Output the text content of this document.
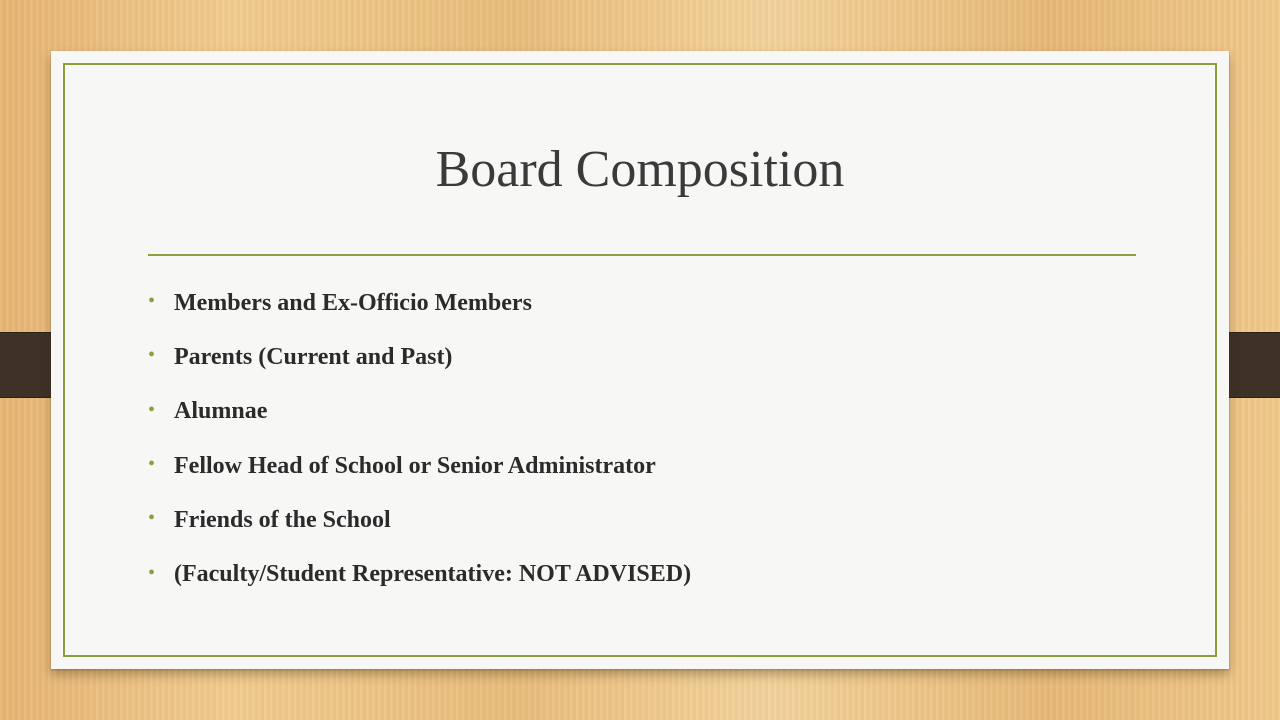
Board Composition
• Members and Ex-Officio Members
• Parents (Current and Past)
• Alumnae
• Fellow Head of School or Senior Administrator
• Friends of the School
• (Faculty/Student Representative: NOT ADVISED)
